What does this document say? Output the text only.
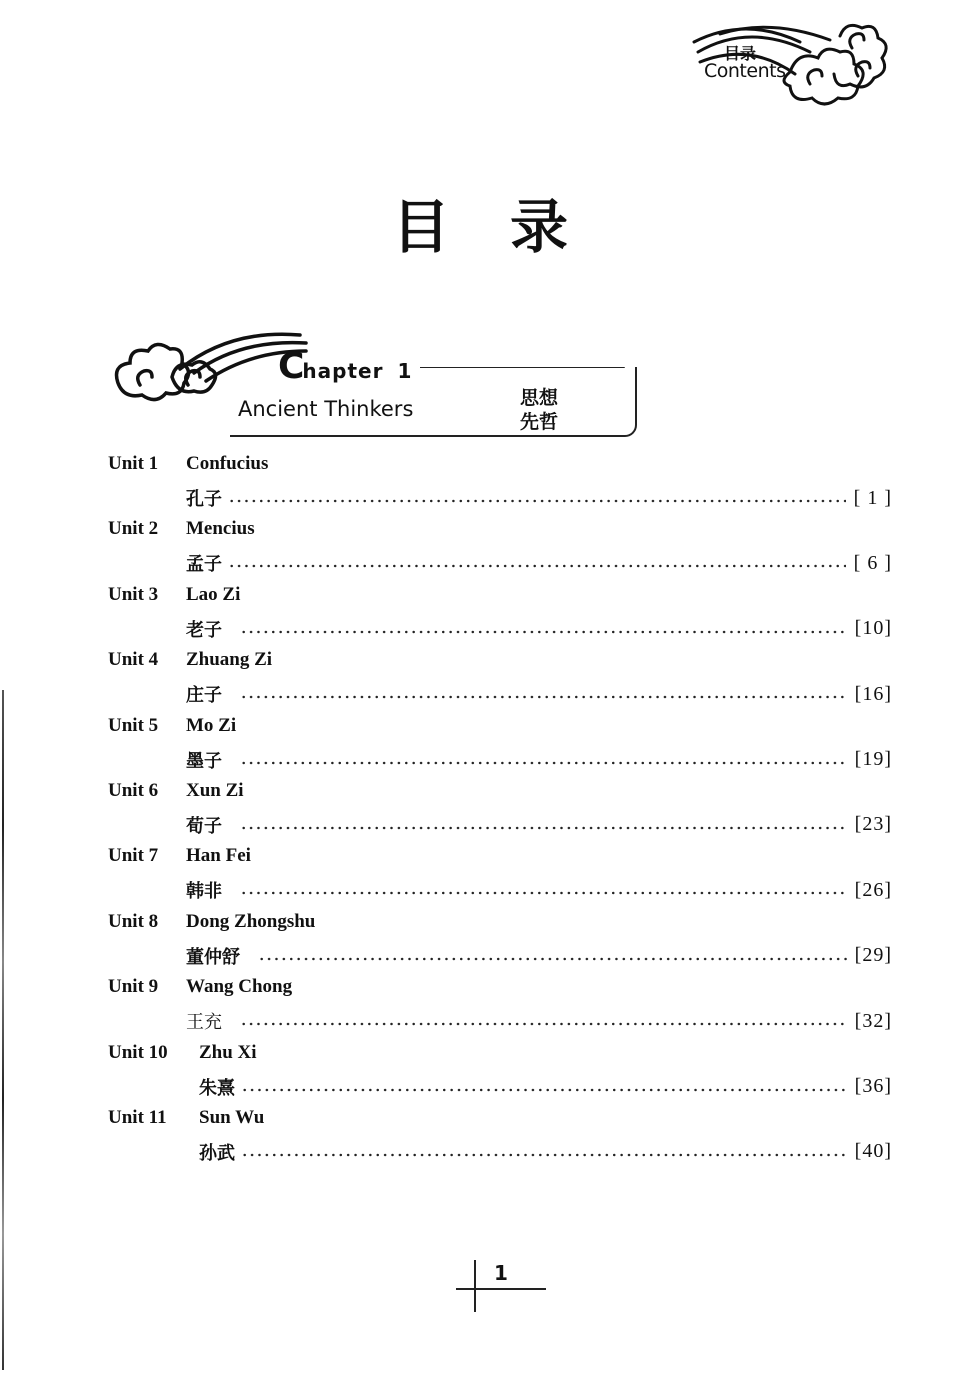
目录
Contents
目录
Chapter 1
Ancient Thinkers	思想
先哲
Unit 1	Confucius
孔子	[ 1 ]
Unit 2	Mencius
孟子	[ 6 ]
Unit 3	Lao Zi
老子	[10]
Unit 4	Zhuang Zi
庄子	[16]
Unit 5	Mo Zi
墨子	[19]
Unit 6	Xun Zi
荀子	[23]
Unit 7	Han Fei
韩非	[26]
Unit 8	Dong Zhongshu
董仲舒	[29]
Unit 9	Wang Chong
王充	[32]
Unit 10	Zhu Xi
朱熹	[36]
Unit 11	Sun Wu
孙武	[40]
1
